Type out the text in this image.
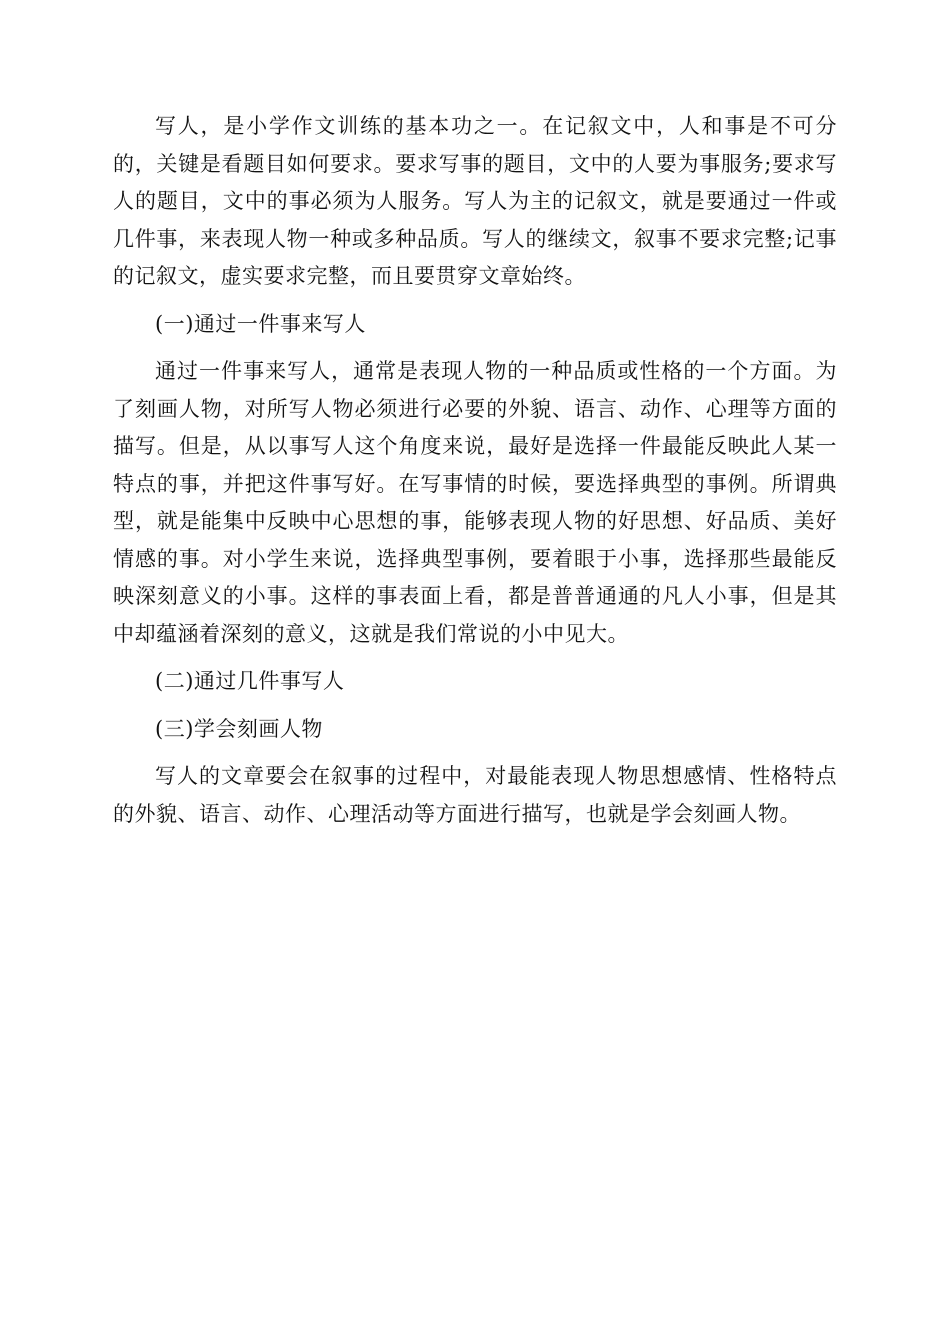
写人，是小学作文训练的基本功之一。在记叙文中，人和事是不可分的，关键是看题目如何要求。要求写事的题目，文中的人要为事服务;要求写人的题目，文中的事必须为人服务。写人为主的记叙文，就是要通过一件或几件事，来表现人物一种或多种品质。写人的继续文，叙事不要求完整;记事的记叙文，虚实要求完整，而且要贯穿文章始终。

(一)通过一件事来写人

通过一件事来写人，通常是表现人物的一种品质或性格的一个方面。为了刻画人物，对所写人物必须进行必要的外貌、语言、动作、心理等方面的描写。但是，从以事写人这个角度来说，最好是选择一件最能反映此人某一特点的事，并把这件事写好。在写事情的时候，要选择典型的事例。所谓典型，就是能集中反映中心思想的事，能够表现人物的好思想、好品质、美好情感的事。对小学生来说，选择典型事例，要着眼于小事，选择那些最能反映深刻意义的小事。这样的事表面上看，都是普普通通的凡人小事，但是其中却蕴涵着深刻的意义，这就是我们常说的小中见大。

(二)通过几件事写人

(三)学会刻画人物

写人的文章要会在叙事的过程中，对最能表现人物思想感情、性格特点的外貌、语言、动作、心理活动等方面进行描写，也就是学会刻画人物。
